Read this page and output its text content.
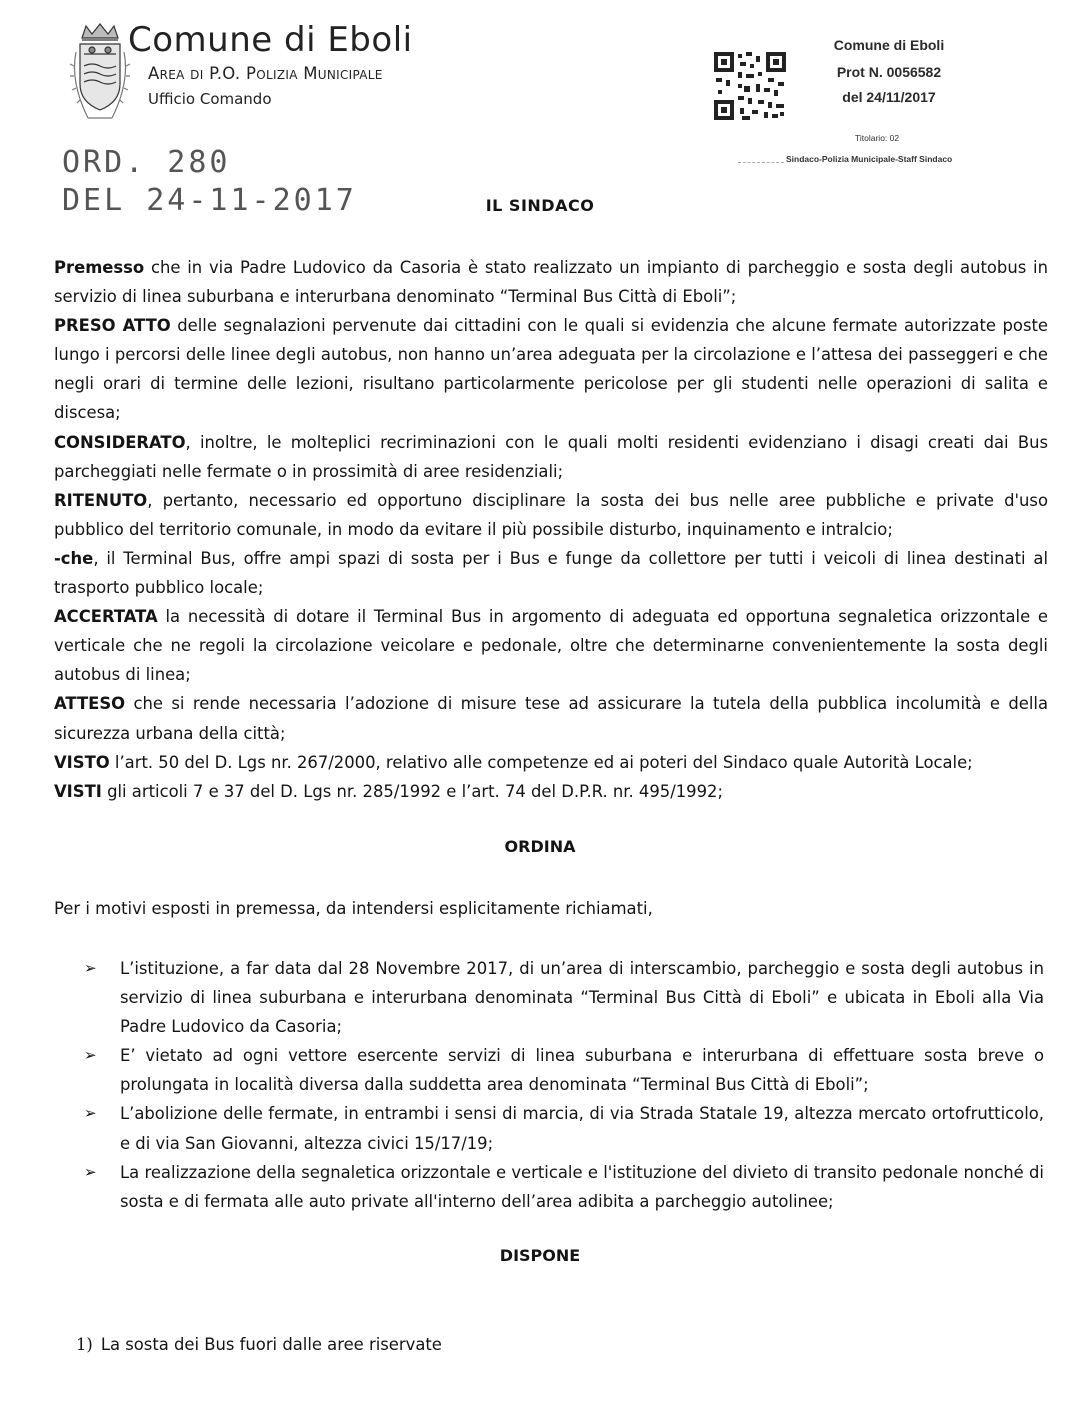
Comune di Eboli
Area di P.O. Polizia Municipale
Ufficio Comando
Comune di Eboli
Prot N. 0056582
del 24/11/2017
Titolario: 02
Sindaco-Polizia Municipale-Staff Sindaco
ORD. 280
DEL 24-11-2017	IL SINDACO

Premesso che in via Padre Ludovico da Casoria è stato realizzato un impianto di parcheggio e sosta degli autobus in servizio di linea suburbana e interurbana denominato “Terminal Bus Città di Eboli”;

PRESO ATTO delle segnalazioni pervenute dai cittadini con le quali si evidenzia che alcune fermate autorizzate poste lungo i percorsi delle linee degli autobus, non hanno un’area adeguata per la circolazione e l’attesa dei passeggeri e che negli orari di termine delle lezioni, risultano particolarmente pericolose per gli studenti nelle operazioni di salita e discesa;

CONSIDERATO, inoltre, le molteplici recriminazioni con le quali molti residenti evidenziano i disagi creati dai Bus parcheggiati nelle fermate o in prossimità di aree residenziali;

RITENUTO, pertanto, necessario ed opportuno disciplinare la sosta dei bus nelle aree pubbliche e private d'uso pubblico del territorio comunale, in modo da evitare il più possibile disturbo, inquinamento e intralcio;

-che, il Terminal Bus, offre ampi spazi di sosta per i Bus e funge da collettore per tutti i veicoli di linea destinati al trasporto pubblico locale;

ACCERTATA la necessità di dotare il Terminal Bus in argomento di adeguata ed opportuna segnaletica orizzontale e verticale che ne regoli la circolazione veicolare e pedonale, oltre che determinarne convenientemente la sosta degli autobus di linea;

ATTESO che si rende necessaria l’adozione di misure tese ad assicurare la tutela della pubblica incolumità e della sicurezza urbana della città;

VISTO l’art. 50 del D. Lgs nr. 267/2000, relativo alle competenze ed ai poteri del Sindaco quale Autorità Locale;

VISTI gli articoli 7 e 37 del D. Lgs nr. 285/1992 e l’art. 74 del D.P.R. nr. 495/1992;

ORDINA
Per i motivi esposti in premessa, da intendersi esplicitamente richiamati,
➢ L’istituzione, a far data dal 28 Novembre 2017, di un’area di interscambio, parcheggio e sosta degli autobus in servizio di linea suburbana e interurbana denominata “Terminal Bus Città di Eboli” e ubicata in Eboli alla Via Padre Ludovico da Casoria;
➢ E’ vietato ad ogni vettore esercente servizi di linea suburbana e interurbana di effettuare sosta breve o prolungata in località diversa dalla suddetta area denominata “Terminal Bus Città di Eboli”;
➢ L’abolizione delle fermate, in entrambi i sensi di marcia, di via Strada Statale 19, altezza mercato ortofrutticolo, e di via San Giovanni, altezza civici 15/17/19;
➢ La realizzazione della segnaletica orizzontale e verticale e l'istituzione del divieto di transito pedonale nonché di sosta e di fermata alle auto private all'interno dell’area adibita a parcheggio autolinee;
DISPONE
1) La sosta dei Bus fuori dalle aree riservate
